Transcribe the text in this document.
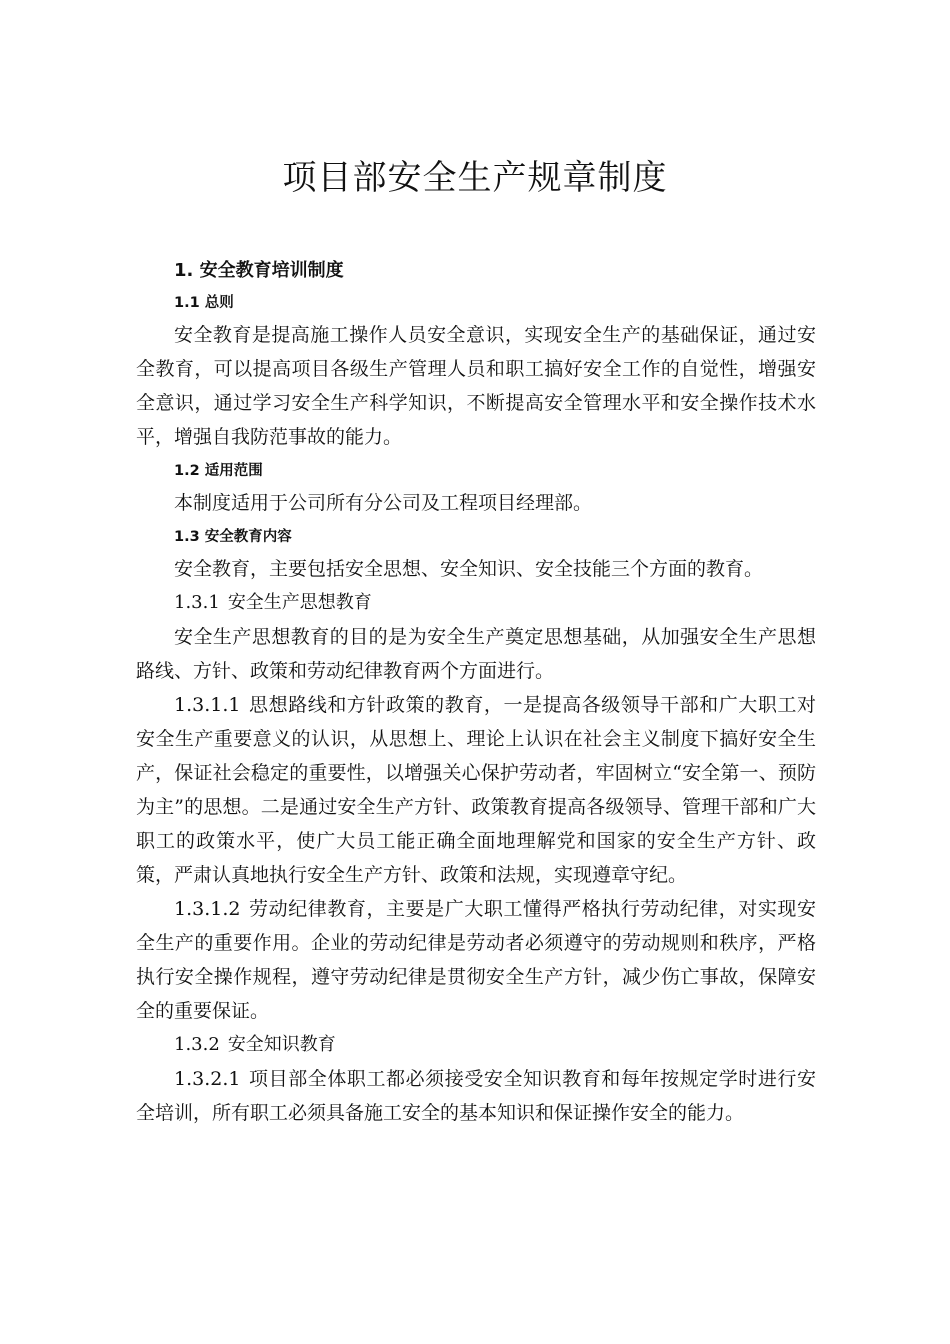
项目部安全生产规章制度
1. 安全教育培训制度
1.1 总则

安全教育是提高施工操作人员安全意识，实现安全生产的基础保证，通过安全教育，可以提高项目各级生产管理人员和职工搞好安全工作的自觉性，增强安全意识，通过学习安全生产科学知识，不断提高安全管理水平和安全操作技术水平，增强自我防范事故的能力。

1.2 适用范围

本制度适用于公司所有分公司及工程项目经理部。

1.3 安全教育内容

安全教育，主要包括安全思想、安全知识、安全技能三个方面的教育。

1.3.1 安全生产思想教育

安全生产思想教育的目的是为安全生产奠定思想基础，从加强安全生产思想路线、方针、政策和劳动纪律教育两个方面进行。

1.3.1.1 思想路线和方针政策的教育，一是提高各级领导干部和广大职工对安全生产重要意义的认识，从思想上、理论上认识在社会主义制度下搞好安全生产，保证社会稳定的重要性，以增强关心保护劳动者，牢固树立“安全第一、预防为主”的思想。二是通过安全生产方针、政策教育提高各级领导、管理干部和广大职工的政策水平，使广大员工能正确全面地理解党和国家的安全生产方针、政策，严肃认真地执行安全生产方针、政策和法规，实现遵章守纪。

1.3.1.2 劳动纪律教育，主要是广大职工懂得严格执行劳动纪律，对实现安全生产的重要作用。企业的劳动纪律是劳动者必须遵守的劳动规则和秩序，严格执行安全操作规程，遵守劳动纪律是贯彻安全生产方针，减少伤亡事故，保障安全的重要保证。

1.3.2 安全知识教育

1.3.2.1 项目部全体职工都必须接受安全知识教育和每年按规定学时进行安全培训，所有职工必须具备施工安全的基本知识和保证操作安全的能力。
